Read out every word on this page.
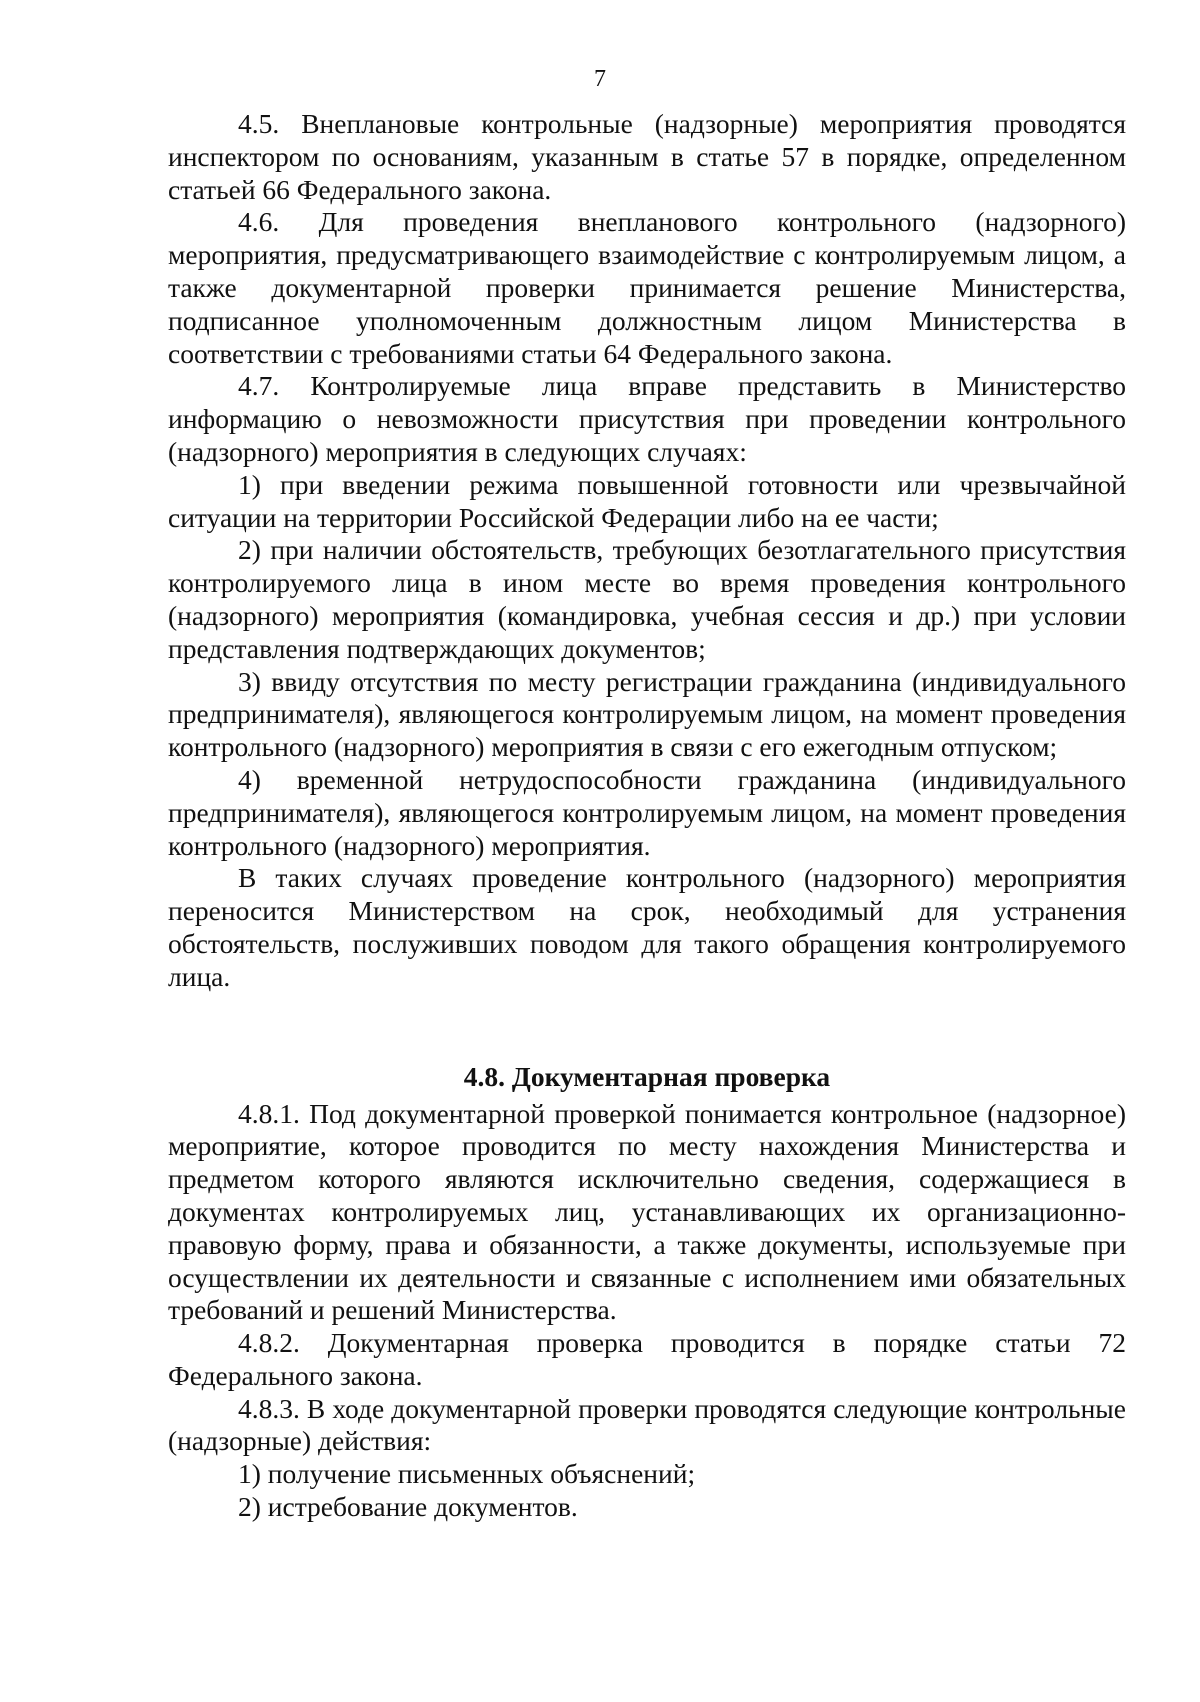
7

4.5. Внеплановые контрольные (надзорные) мероприятия проводятся инспектором по основаниям, указанным в статье 57 в порядке, определенном статьей 66 Федерального закона.

4.6. Для проведения внепланового контрольного (надзорного) мероприятия, предусматривающего взаимодействие с контролируемым лицом, а также документарной проверки принимается решение Министерства, подписанное уполномоченным должностным лицом Министерства в соответствии с требованиями статьи 64 Федерального закона.

4.7. Контролируемые лица вправе представить в Министерство информацию о невозможности присутствия при проведении контрольного (надзорного) мероприятия в следующих случаях:

1) при введении режима повышенной готовности или чрезвычайной ситуации на территории Российской Федерации либо на ее части;

2) при наличии обстоятельств, требующих безотлагательного присутствия контролируемого лица в ином месте во время проведения контрольного (надзорного) мероприятия (командировка, учебная сессия и др.) при условии представления подтверждающих документов;

3) ввиду отсутствия по месту регистрации гражданина (индивидуального предпринимателя), являющегося контролируемым лицом, на момент проведения контрольного (надзорного) мероприятия в связи с его ежегодным отпуском;

4) временной нетрудоспособности гражданина (индивидуального предпринимателя), являющегося контролируемым лицом, на момент проведения контрольного (надзорного) мероприятия.

В таких случаях проведение контрольного (надзорного) мероприятия переносится Министерством на срок, необходимый для устранения обстоятельств, послуживших поводом для такого обращения контролируемого лица.

4.8. Документарная проверка

4.8.1. Под документарной проверкой понимается контрольное (надзорное) мероприятие, которое проводится по месту нахождения Министерства и предметом которого являются исключительно сведения, содержащиеся в документах контролируемых лиц, устанавливающих их организационно-правовую форму, права и обязанности, а также документы, используемые при осуществлении их деятельности и связанные с исполнением ими обязательных требований и решений Министерства.

4.8.2. Документарная проверка проводится в порядке статьи 72 Федерального закона.

4.8.3. В ходе документарной проверки проводятся следующие контрольные (надзорные) действия:

1) получение письменных объяснений;

2) истребование документов.
